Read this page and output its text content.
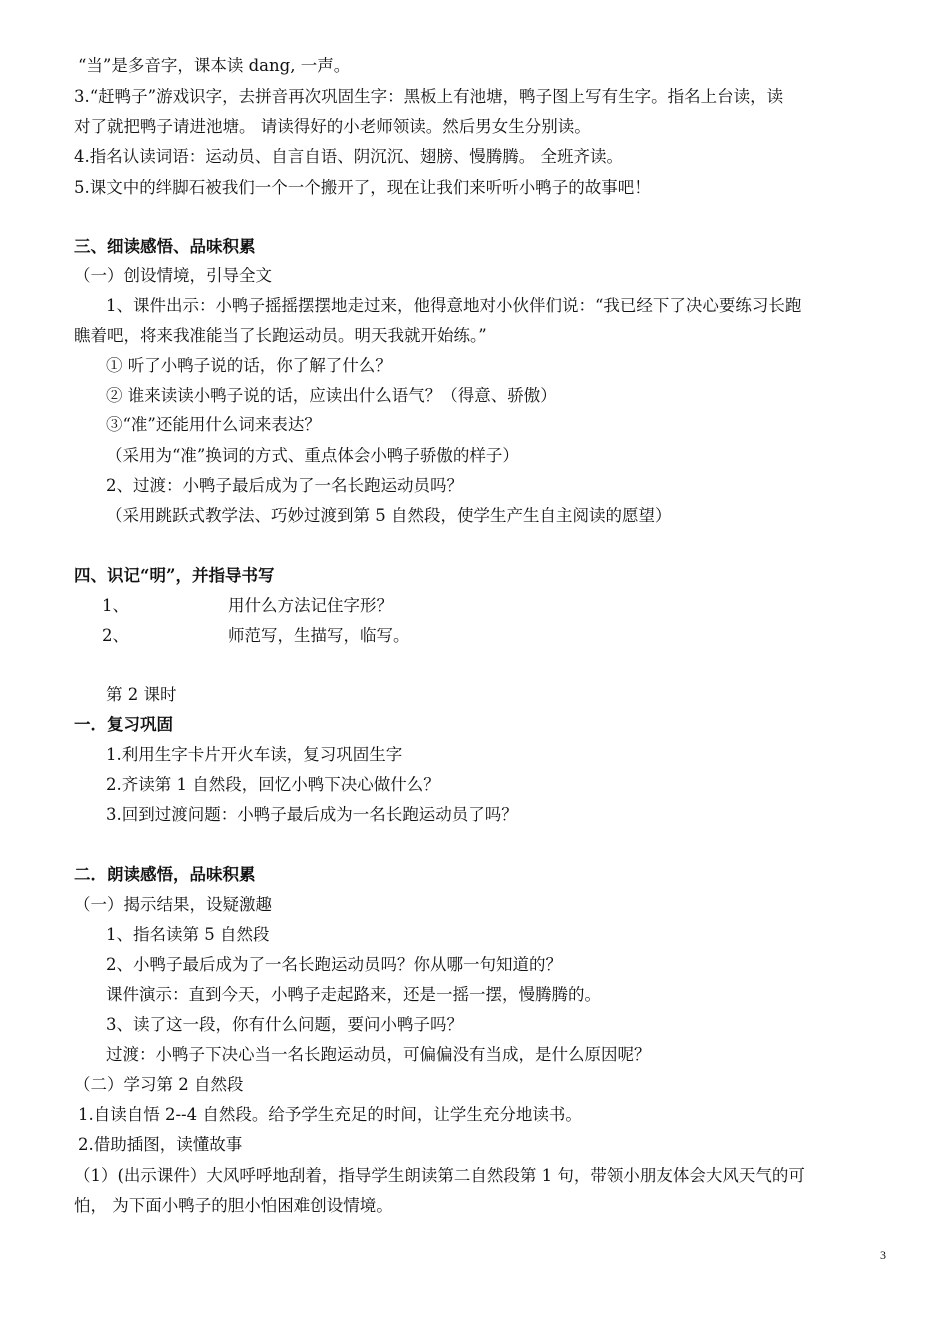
“当”是多音字，课本读 dang, 一声。
3.“赶鸭子”游戏识字，去拼音再次巩固生字：黑板上有池塘，鸭子图上写有生字。指名上台读，读
对了就把鸭子请进池塘。 请读得好的小老师领读。然后男女生分别读。
4.指名认读词语：运动员、自言自语、阴沉沉、翅膀、慢腾腾。 全班齐读。
5.课文中的绊脚石被我们一个一个搬开了，现在让我们来听听小鸭子的故事吧！
三、细读感悟、品味积累
（一）创设情境，引导全文
1、课件出示：小鸭子摇摇摆摆地走过来，他得意地对小伙伴们说：“我已经下了决心要练习长跑
瞧着吧，将来我准能当了长跑运动员。明天我就开始练。”
① 听了小鸭子说的话，你了解了什么？
② 谁来读读小鸭子说的话，应读出什么语气？（得意、骄傲）
③“准”还能用什么词来表达？
（采用为“准”换词的方式、重点体会小鸭子骄傲的样子）
2、过渡：小鸭子最后成为了一名长跑运动员吗？
（采用跳跃式教学法、巧妙过渡到第 5 自然段，使学生产生自主阅读的愿望）
四、识记“明”，并指导书写
1、	用什么方法记住字形？
2、	师范写，生描写，临写。
第 2 课时
一．复习巩固
1.利用生字卡片开火车读，复习巩固生字
2.齐读第 1 自然段，回忆小鸭下决心做什么？
3.回到过渡问题：小鸭子最后成为一名长跑运动员了吗？
二．朗读感悟，品味积累
（一）揭示结果，设疑激趣
1、指名读第 5 自然段
2、小鸭子最后成为了一名长跑运动员吗？你从哪一句知道的？
课件演示：直到今天，小鸭子走起路来，还是一摇一摆，慢腾腾的。
3、读了这一段，你有什么问题，要问小鸭子吗？
过渡：小鸭子下决心当一名长跑运动员，可偏偏没有当成，是什么原因呢？
（二）学习第 2 自然段
1.自读自悟 2--4 自然段。给予学生充足的时间，让学生充分地读书。
2.借助插图，读懂故事
（1）(出示课件）大风呼呼地刮着，指导学生朗读第二自然段第 1 句，带领小朋友体会大风天气的可
怕， 为下面小鸭子的胆小怕困难创设情境。
3
